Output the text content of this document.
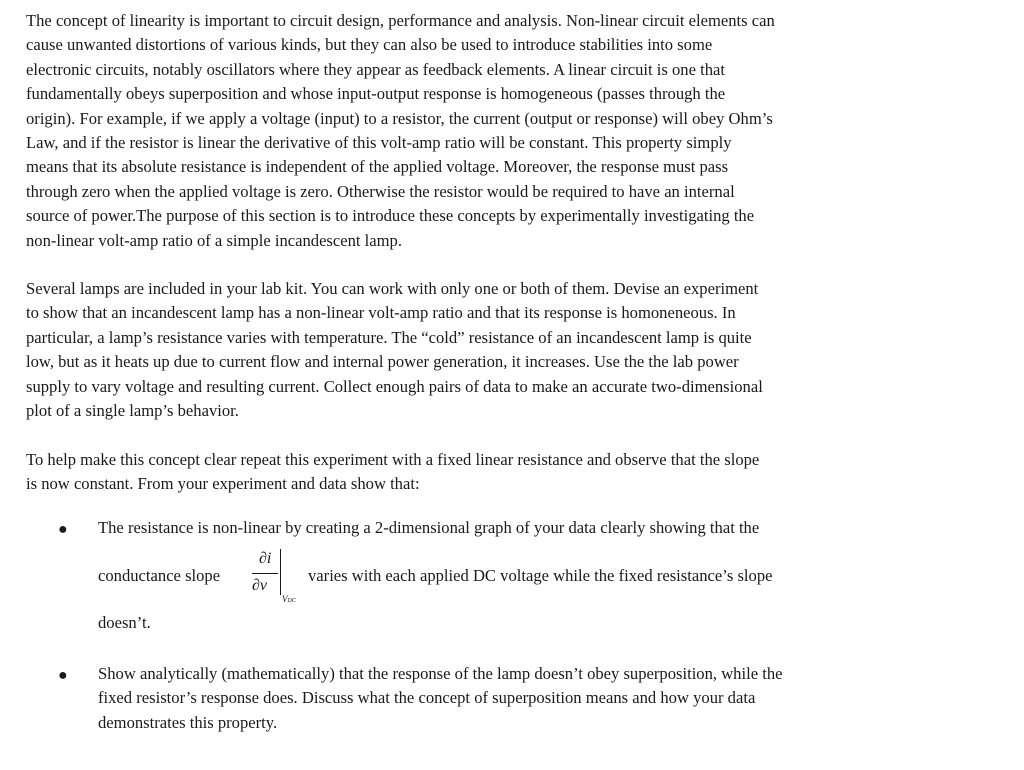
The concept of linearity is important to circuit design, performance and analysis. Non-linear circuit elements can
cause unwanted distortions of various kinds, but they can also be used to introduce stabilities into some
electronic circuits, notably oscillators where they appear as feedback elements. A linear circuit is one that
fundamentally obeys superposition and whose input-output response is homogeneous (passes through the
origin). For example, if we apply a voltage (input) to a resistor, the current (output or response) will obey Ohm’s
Law, and if the resistor is linear the derivative of this volt-amp ratio will be constant. This property simply
means that its absolute resistance is independent of the applied voltage. Moreover, the response must pass
through zero when the applied voltage is zero. Otherwise the resistor would be required to have an internal
source of power.The purpose of this section is to introduce these concepts by experimentally investigating the
non-linear volt-amp ratio of a simple incandescent lamp.

Several lamps are included in your lab kit. You can work with only one or both of them. Devise an experiment
to show that an incandescent lamp has a non-linear volt-amp ratio and that its response is homoneneous. In
particular, a lamp’s resistance varies with temperature. The “cold” resistance of an incandescent lamp is quite
low, but as it heats up due to current flow and internal power generation, it increases. Use the the lab power
supply to vary voltage and resulting current. Collect enough pairs of data to make an accurate two-dimensional
plot of a single lamp’s behavior.

To help make this concept clear repeat this experiment with a fixed linear resistance and observe that the slope
is now constant. From your experiment and data show that:

● The resistance is non-linear by creating a 2-dimensional graph of your data clearly showing that the
conductance slope
∂i
∂v
VDC
varies with each applied DC voltage while the fixed resistance’s slope
doesn’t.
● Show analytically (mathematically) that the response of the lamp doesn’t obey superposition, while the
fixed resistor’s response does. Discuss what the concept of superposition means and how your data
demonstrates this property.
